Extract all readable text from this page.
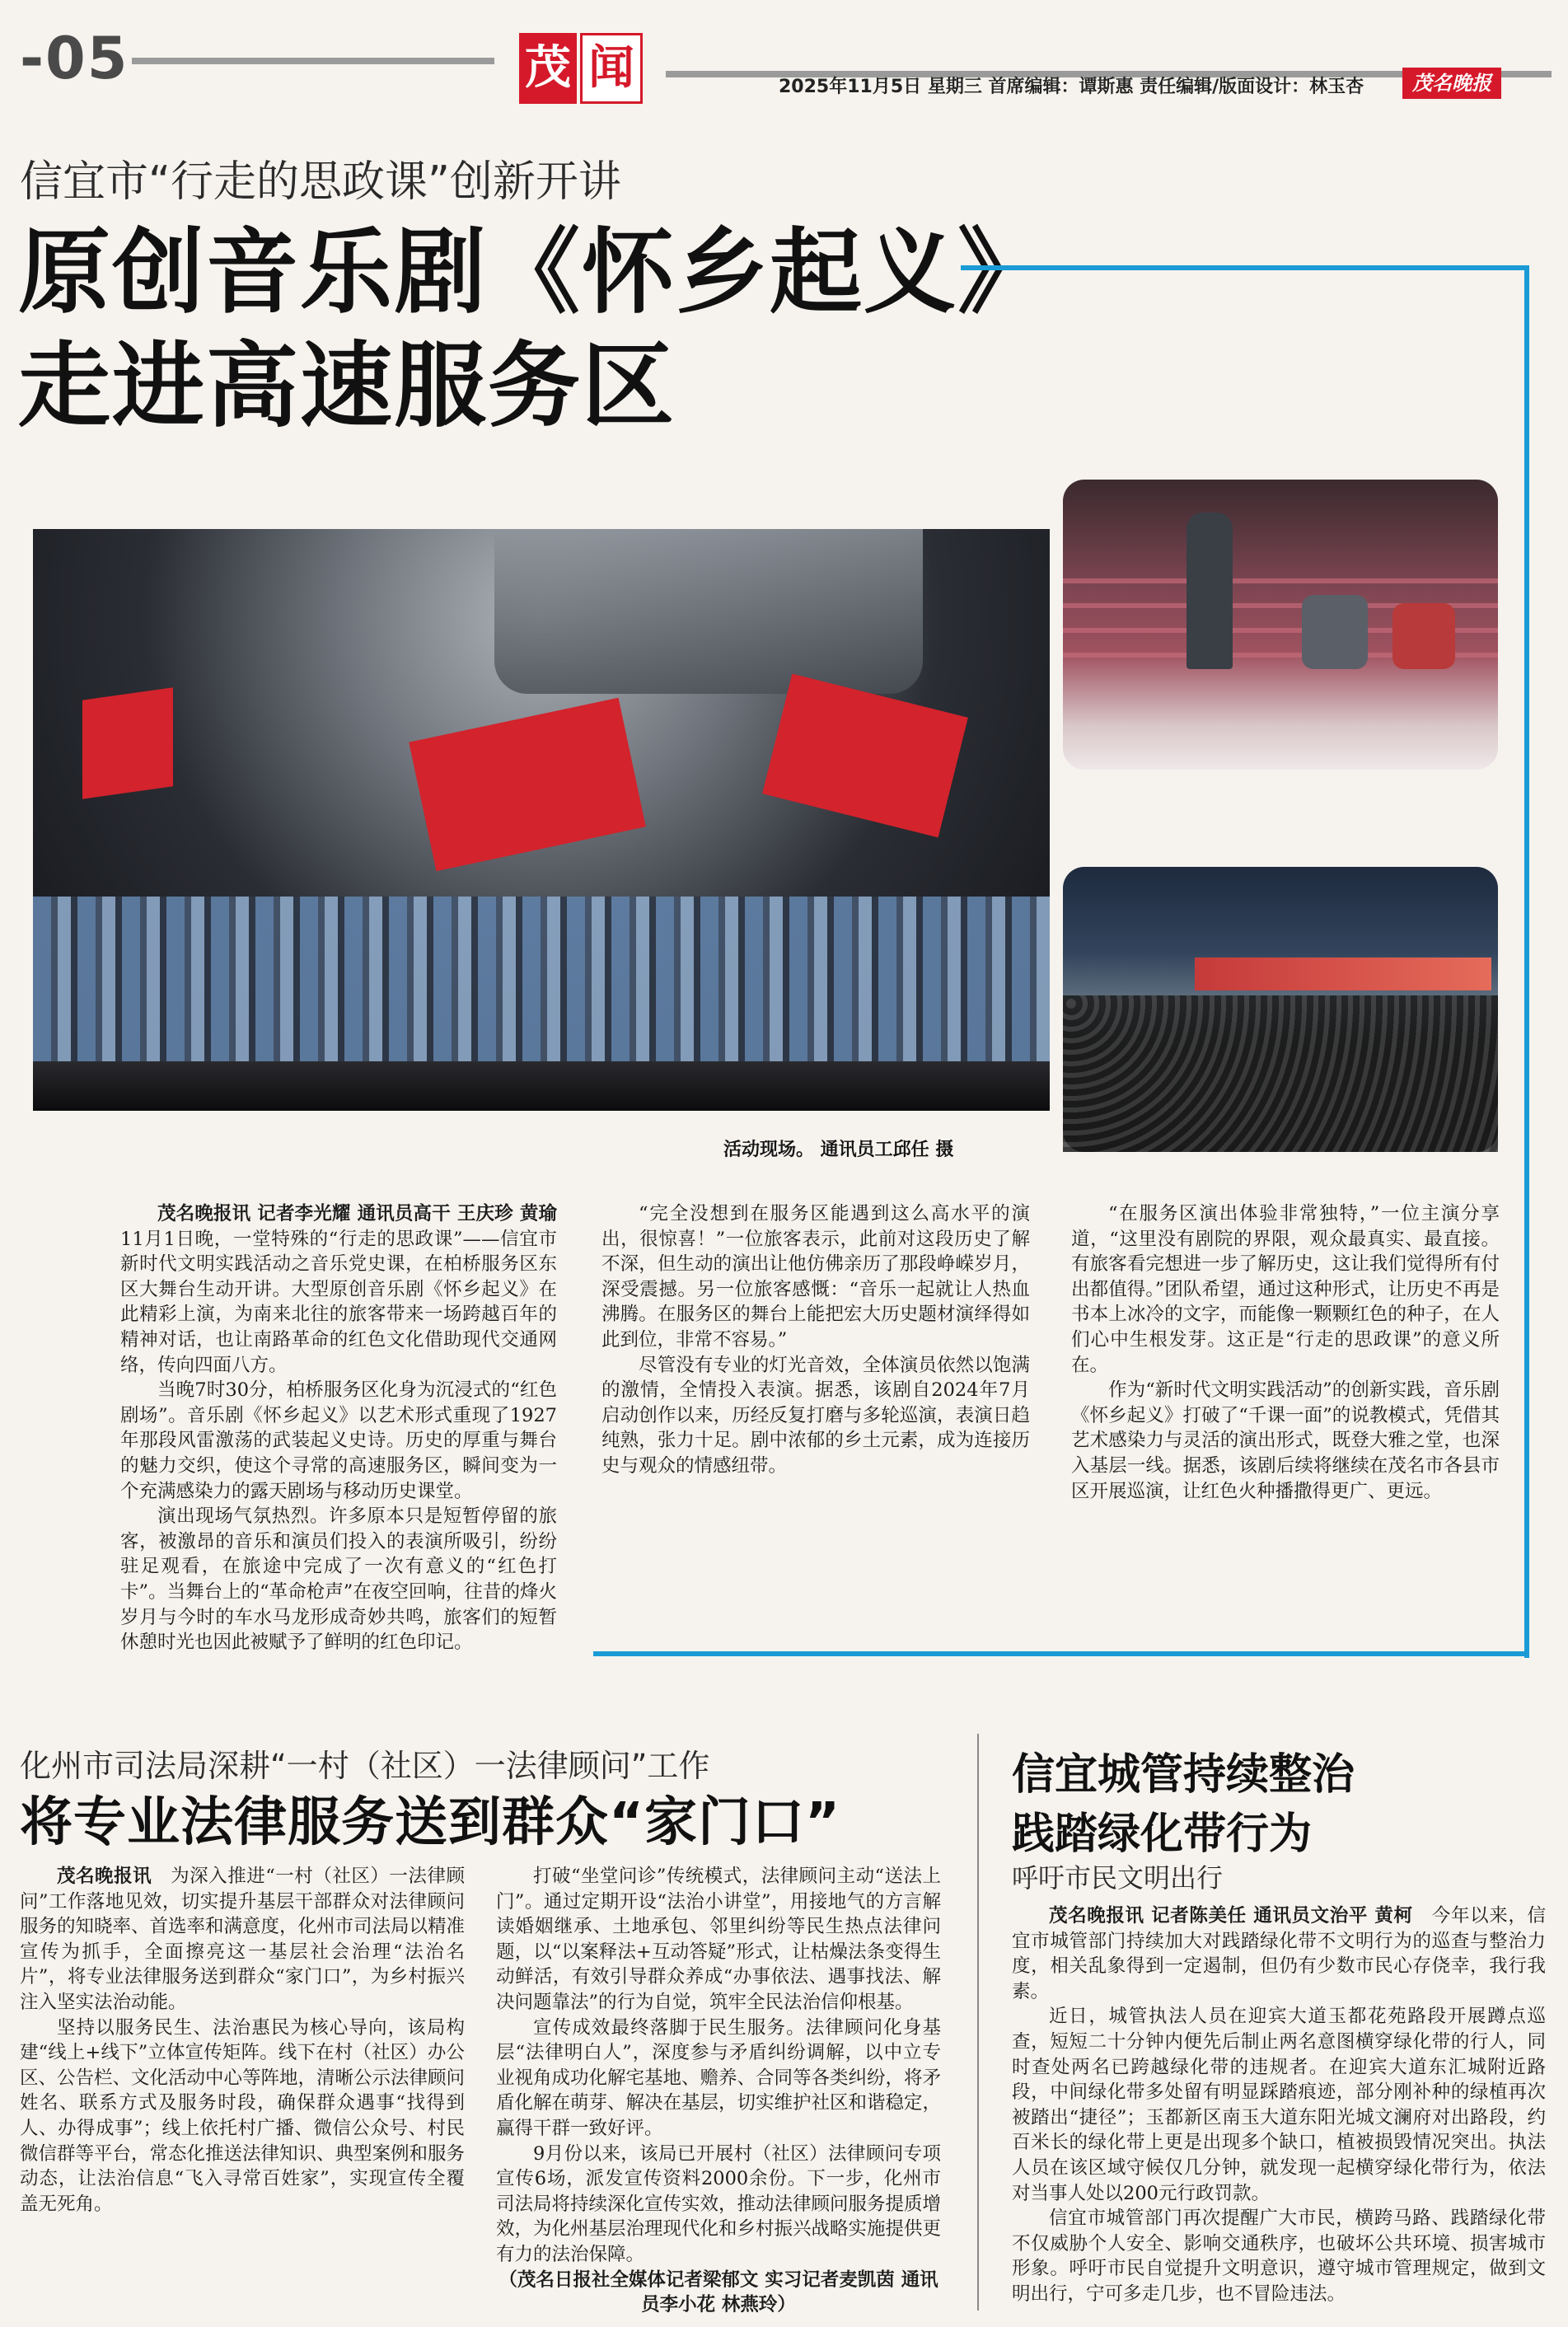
-05	茂 闻	2025年11月5日 星期三 首席编辑：谭斯惠 责任编辑/版面设计：林玉杏	茂名晚报
信宜市“行走的思政课”创新开讲
原创音乐剧《怀乡起义》
走进高速服务区
活动现场。 通讯员工邱任 摄

茂名晚报讯 记者李光耀 通讯员高干 王庆珍 黄瑜　11月1日晚，一堂特殊的“行走的思政课”——信宜市新时代文明实践活动之音乐党史课，在柏桥服务区东区大舞台生动开讲。大型原创音乐剧《怀乡起义》在此精彩上演，为南来北往的旅客带来一场跨越百年的精神对话，也让南路革命的红色文化借助现代交通网络，传向四面八方。

当晚7时30分，柏桥服务区化身为沉浸式的“红色剧场”。音乐剧《怀乡起义》以艺术形式重现了1927年那段风雷激荡的武装起义史诗。历史的厚重与舞台的魅力交织，使这个寻常的高速服务区，瞬间变为一个充满感染力的露天剧场与移动历史课堂。

演出现场气氛热烈。许多原本只是短暂停留的旅客，被激昂的音乐和演员们投入的表演所吸引，纷纷驻足观看，在旅途中完成了一次有意义的“红色打卡”。当舞台上的“革命枪声”在夜空回响，往昔的烽火岁月与今时的车水马龙形成奇妙共鸣，旅客们的短暂休憩时光也因此被赋予了鲜明的红色印记。

“完全没想到在服务区能遇到这么高水平的演出，很惊喜！”一位旅客表示，此前对这段历史了解不深，但生动的演出让他仿佛亲历了那段峥嵘岁月，深受震撼。另一位旅客感慨：“音乐一起就让人热血沸腾。在服务区的舞台上能把宏大历史题材演绎得如此到位，非常不容易。”

尽管没有专业的灯光音效，全体演员依然以饱满的激情，全情投入表演。据悉，该剧自2024年7月启动创作以来，历经反复打磨与多轮巡演，表演日趋纯熟，张力十足。剧中浓郁的乡土元素，成为连接历史与观众的情感纽带。

“在服务区演出体验非常独特，”一位主演分享道，“这里没有剧院的界限，观众最真实、最直接。有旅客看完想进一步了解历史，这让我们觉得所有付出都值得。”团队希望，通过这种形式，让历史不再是书本上冰冷的文字，而能像一颗颗红色的种子，在人们心中生根发芽。这正是“行走的思政课”的意义所在。

作为“新时代文明实践活动”的创新实践，音乐剧《怀乡起义》打破了“千课一面”的说教模式，凭借其艺术感染力与灵活的演出形式，既登大雅之堂，也深入基层一线。据悉，该剧后续将继续在茂名市各县市区开展巡演，让红色火种播撒得更广、更远。

化州市司法局深耕“一村（社区）一法律顾问”工作
将专业法律服务送到群众“家门口”

茂名晚报讯　 为深入推进“一村（社区）一法律顾问”工作落地见效，切实提升基层干部群众对法律顾问服务的知晓率、首选率和满意度，化州市司法局以精准宣传为抓手，全面擦亮这一基层社会治理“法治名片”，将专业法律服务送到群众“家门口”，为乡村振兴注入坚实法治动能。

坚持以服务民生、法治惠民为核心导向，该局构建“线上+线下”立体宣传矩阵。线下在村（社区）办公区、公告栏、文化活动中心等阵地，清晰公示法律顾问姓名、联系方式及服务时段，确保群众遇事“找得到人、办得成事”；线上依托村广播、微信公众号、村民微信群等平台，常态化推送法律知识、典型案例和服务动态，让法治信息“飞入寻常百姓家”，实现宣传全覆盖无死角。

打破“坐堂问诊”传统模式，法律顾问主动“送法上门”。通过定期开设“法治小讲堂”，用接地气的方言解读婚姻继承、土地承包、邻里纠纷等民生热点法律问题，以“以案释法+互动答疑”形式，让枯燥法条变得生动鲜活，有效引导群众养成“办事依法、遇事找法、解决问题靠法”的行为自觉，筑牢全民法治信仰根基。

宣传成效最终落脚于民生服务。法律顾问化身基层“法律明白人”，深度参与矛盾纠纷调解，以中立专业视角成功化解宅基地、赡养、合同等各类纠纷，将矛盾化解在萌芽、解决在基层，切实维护社区和谐稳定，赢得干群一致好评。

9月份以来，该局已开展村（社区）法律顾问专项宣传6场，派发宣传资料2000余份。下一步，化州市司法局将持续深化宣传实效，推动法律顾问服务提质增效，为化州基层治理现代化和乡村振兴战略实施提供更有力的法治保障。

（茂名日报社全媒体记者梁郁文 实习记者麦凯茵 通讯员李小花 林燕玲）

信宜城管持续整治
践踏绿化带行为
呼吁市民文明出行

茂名晚报讯 记者陈美任 通讯员文治平 黄柯　 今年以来，信宜市城管部门持续加大对践踏绿化带不文明行为的巡查与整治力度，相关乱象得到一定遏制，但仍有少数市民心存侥幸，我行我素。

近日，城管执法人员在迎宾大道玉都花苑路段开展蹲点巡查，短短二十分钟内便先后制止两名意图横穿绿化带的行人，同时查处两名已跨越绿化带的违规者。在迎宾大道东汇城附近路段，中间绿化带多处留有明显踩踏痕迹，部分刚补种的绿植再次被踏出“捷径”；玉都新区南玉大道东阳光城文澜府对出路段，约百米长的绿化带上更是出现多个缺口，植被损毁情况突出。执法人员在该区域守候仅几分钟，就发现一起横穿绿化带行为，依法对当事人处以200元行政罚款。

信宜市城管部门再次提醒广大市民，横跨马路、践踏绿化带不仅威胁个人安全、影响交通秩序，也破坏公共环境、损害城市形象。呼吁市民自觉提升文明意识，遵守城市管理规定，做到文明出行，宁可多走几步，也不冒险违法。
